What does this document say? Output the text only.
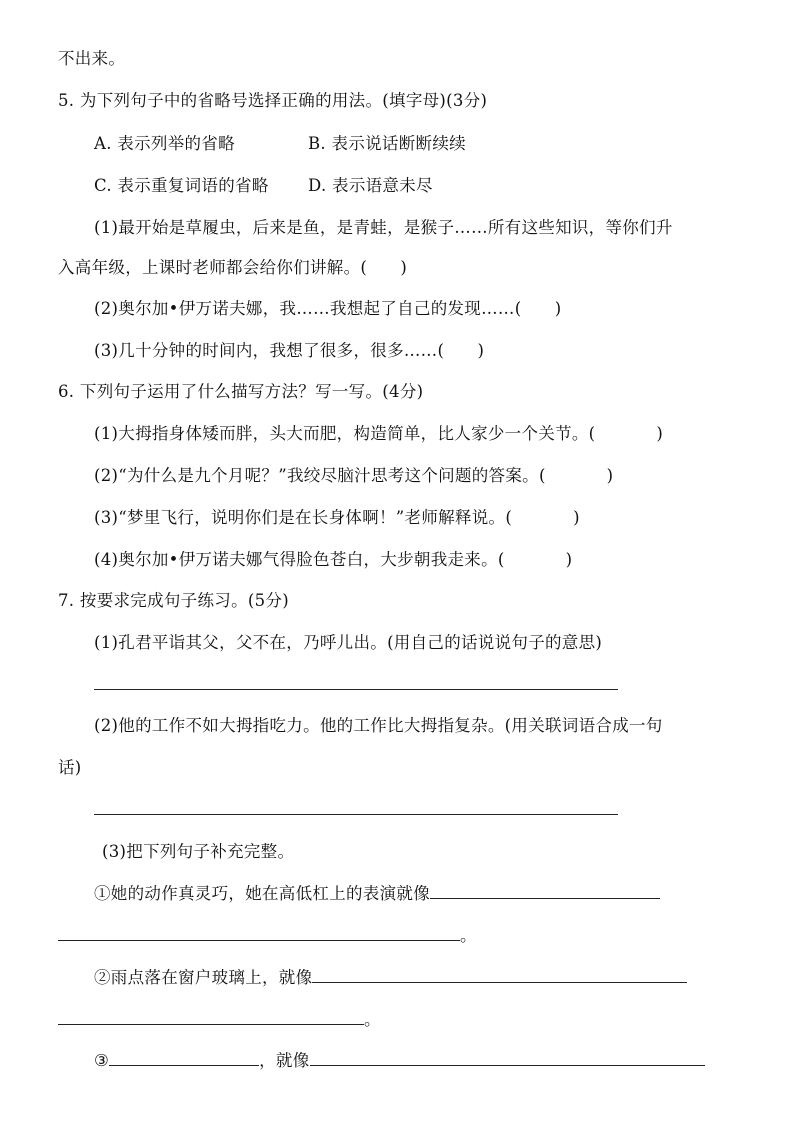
不出来。
5. 为下列句子中的省略号选择正确的用法。(填字母)(3分)
A. 表示列举的省略	B. 表示说话断断续续
C. 表示重复词语的省略 D. 表示语意未尽
(1)最开始是草履虫，后来是鱼，是青蛙，是猴子……所有这些知识，等你们升
入高年级，上课时老师都会给你们讲解。(      )
(2)奥尔加•伊万诺夫娜，我……我想起了自己的发现……(      )
(3)几十分钟的时间内，我想了很多，很多……(      )
6. 下列句子运用了什么描写方法？写一写。(4分)
(1)大拇指身体矮而胖，头大而肥，构造简单，比人家少一个关节。(           )
(2)“为什么是九个月呢？”我绞尽脑汁思考这个问题的答案。(           )
(3)“梦里飞行，说明你们是在长身体啊！”老师解释说。(           )
(4)奥尔加•伊万诺夫娜气得脸色苍白，大步朝我走来。(           )
7. 按要求完成句子练习。(5分)
(1)孔君平诣其父，父不在，乃呼儿出。(用自己的话说说句子的意思)
(2)他的工作不如大拇指吃力。他的工作比大拇指复杂。(用关联词语合成一句
话)
(3)把下列句子补充完整。
①她的动作真灵巧，她在高低杠上的表演就像
。
②雨点落在窗户玻璃上，就像
。
③	，就像
